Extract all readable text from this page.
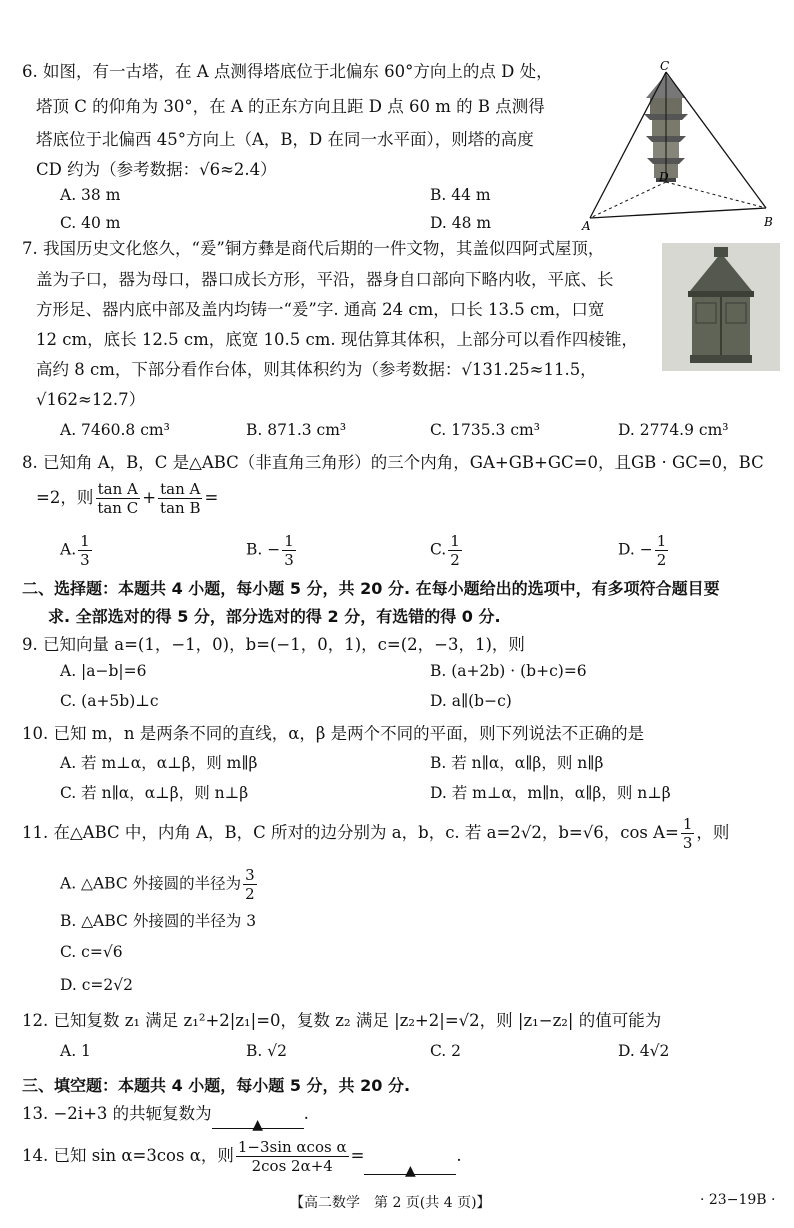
6. 如图，有一古塔，在 A 点测得塔底位于北偏东 60°方向上的点 D 处，
塔顶 C 的仰角为 30°，在 A 的正东方向且距 D 点 60 m 的 B 点测得
塔底位于北偏西 45°方向上（A，B，D 在同一水平面），则塔的高度
CD 约为（参考数据：√6≈2.4）
A. 38 m	B. 44 m
C. 40 m	D. 48 m
C
D
A	B
7. 我国历史文化悠久，“爰”铜方彝是商代后期的一件文物，其盖似四阿式屋顶，
盖为子口，器为母口，器口成长方形，平沿，器身自口部向下略内收，平底、长
方形足、器内底中部及盖内均铸一“爰”字. 通高 24 cm，口长 13.5 cm，口宽
12 cm，底长 12.5 cm，底宽 10.5 cm. 现估算其体积，上部分可以看作四棱锥，
高约 8 cm，下部分看作台体，则其体积约为（参考数据：√131.25≈11.5，
√162≈12.7）
A. 7460.8 cm³	B. 871.3 cm³	C. 1735.3 cm³	D. 2774.9 cm³
8. 已知角 A，B，C 是△ABC（非直角三角形）的三个内角，GA+GB+GC=0，且GB · GC=0，BC
=2，则 $\frac{\text{tan A}}{\text{tan C}} + \frac{\text{tan A}}{\text{tan B}}$ =
A. $\frac{1}{3}$	B. − $\frac{1}{3}$	C. $\frac{1}{2}$	D. − $\frac{1}{2}$
二、选择题：本题共 4 小题，每小题 5 分，共 20 分. 在每小题给出的选项中，有多项符合题目要
求. 全部选对的得 5 分，部分选对的得 2 分，有选错的得 0 分.
9. 已知向量 a=(1，−1，0)，b=(−1，0，1)，c=(2，−3，1)，则
A. |a−b|=6	B. (a+2b) · (b+c)=6
C. (a+5b)⊥c	D. a∥(b−c)
10. 已知 m，n 是两条不同的直线，α，β 是两个不同的平面，则下列说法不正确的是
A. 若 m⊥α，α⊥β，则 m∥β	B. 若 n∥α，α∥β，则 n∥β
C. 若 n∥α，α⊥β，则 n⊥β	D. 若 m⊥α，m∥n，α∥β，则 n⊥β
11. 在△ABC 中，内角 A，B，C 所对的边分别为 a，b，c. 若 a=2√2，b=√6，$\cos A= \frac{1}{3}$ ，则
A. △ABC 外接圆的半径为 $\frac{3}{2}$
B. △ABC 外接圆的半径为 3
C. c=√6
D. c=2√2
12. 已知复数 z₁ 满足 z₁²+2|z₁|=0，复数 z₂ 满足 |z₂+2|=√2，则 |z₁−z₂| 的值可能为
A. 1	B. √2	C. 2	D. 4√2
三、填空题：本题共 4 小题，每小题 5 分，共 20 分.
13. −2i+3 的共轭复数为▲.
14. 已知 sin α=3cos α，则 $\frac{\text{1−3sin αcos α}}{2\cos 2\alpha+4}$ =▲.
【高二数学　第 2 页(共 4 页)】	· 23−19B ·
